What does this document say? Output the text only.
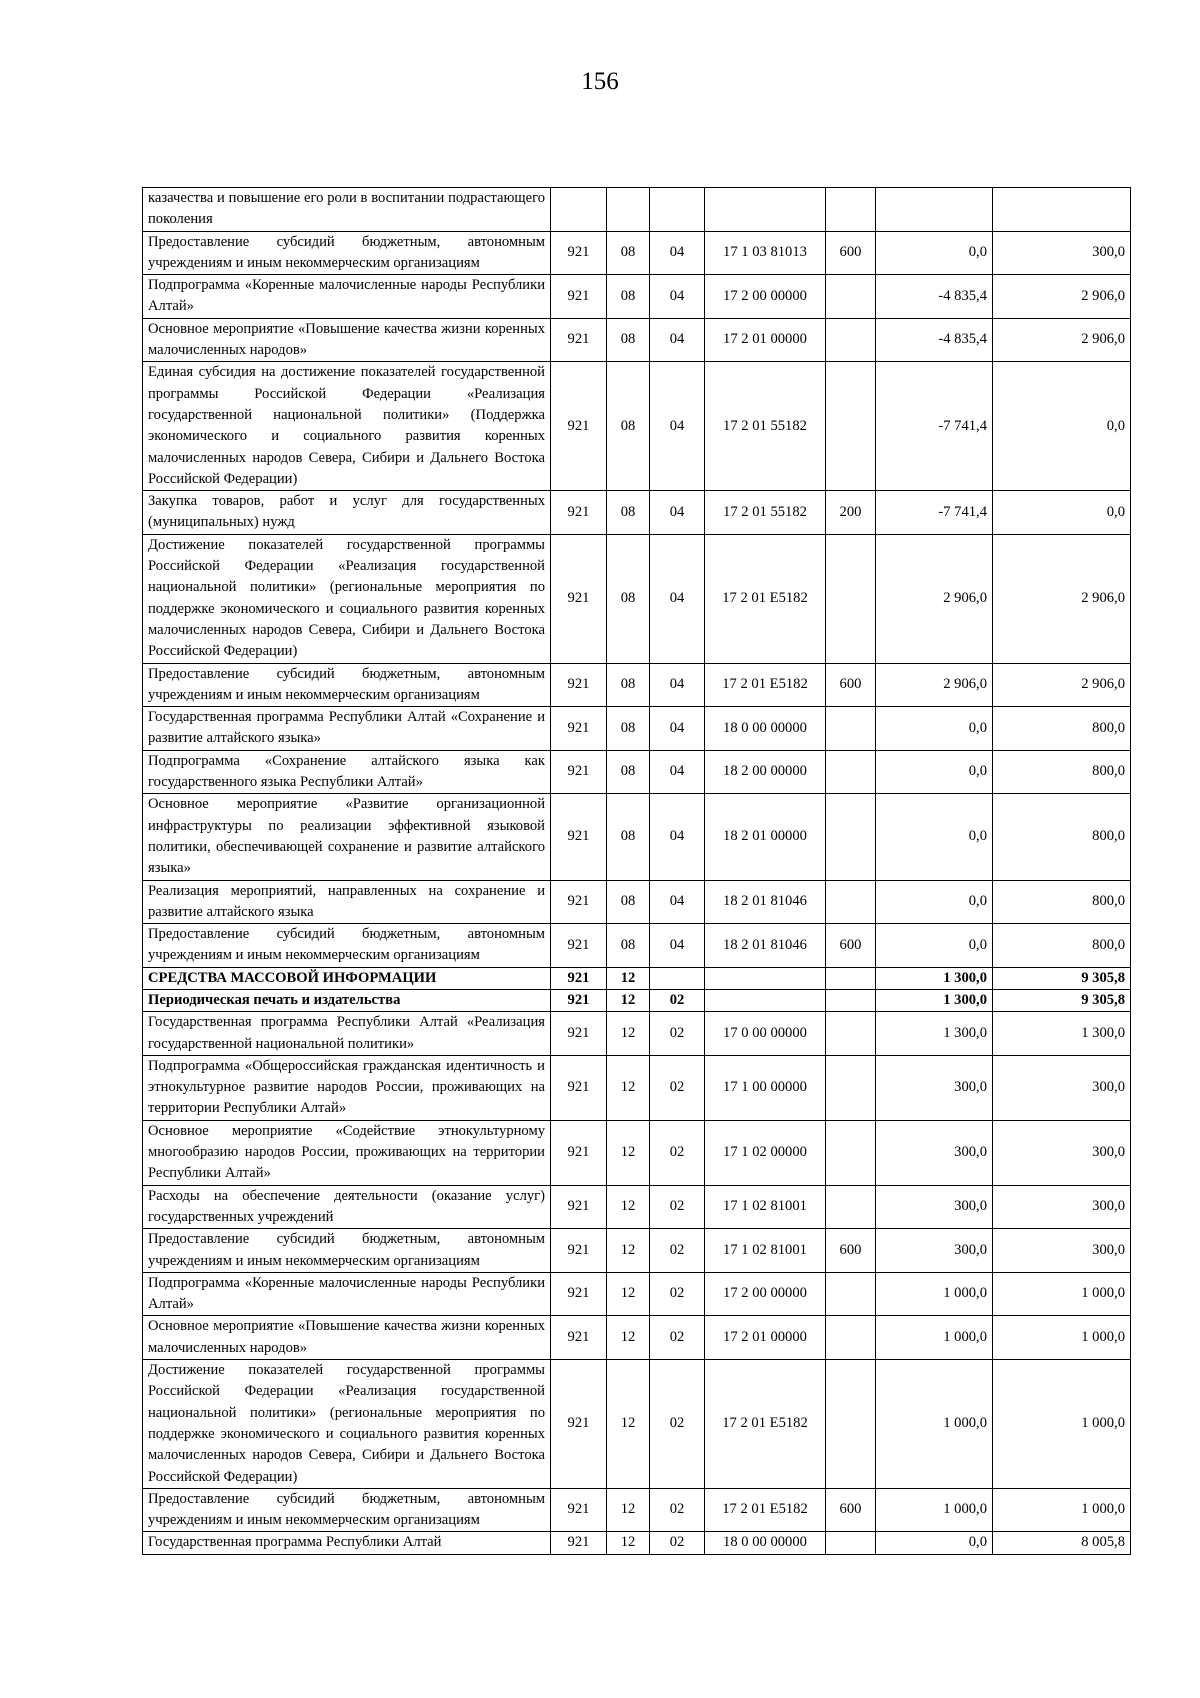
156
казачества и повышение его роли в воспитании подрастающего поколения							
Предоставление субсидий бюджетным, автономным учреждениям и иным некоммерческим организациям	921	08	04	17 1 03 81013	600	0,0	300,0
Подпрограмма «Коренные малочисленные народы Республики Алтай»	921	08	04	17 2 00 00000		-4 835,4	2 906,0
Основное мероприятие «Повышение качества жизни коренных малочисленных народов»	921	08	04	17 2 01 00000		-4 835,4	2 906,0
Единая субсидия на достижение показателей государственной программы Российской Федерации «Реализация государственной национальной политики» (Поддержка экономического и социального развития коренных малочисленных народов Севера, Сибири и Дальнего Востока Российской Федерации)	921	08	04	17 2 01 55182		-7 741,4	0,0
Закупка товаров, работ и услуг для государственных (муниципальных) нужд	921	08	04	17 2 01 55182	200	-7 741,4	0,0
Достижение показателей государственной программы Российской Федерации «Реализация государственной национальной политики» (региональные мероприятия по поддержке экономического и социального развития коренных малочисленных народов Севера, Сибири и Дальнего Востока Российской Федерации)	921	08	04	17 2 01 E5182		2 906,0	2 906,0
Предоставление субсидий бюджетным, автономным учреждениям и иным некоммерческим организациям	921	08	04	17 2 01 E5182	600	2 906,0	2 906,0
Государственная программа Республики Алтай «Сохранение и развитие алтайского языка»	921	08	04	18 0 00 00000		0,0	800,0
Подпрограмма «Сохранение алтайского языка как государственного языка Республики Алтай»	921	08	04	18 2 00 00000		0,0	800,0
Основное мероприятие «Развитие организационной инфраструктуры по реализации эффективной языковой политики, обеспечивающей сохранение и развитие алтайского языка»	921	08	04	18 2 01 00000		0,0	800,0
Реализация мероприятий, направленных на сохранение и развитие алтайского языка	921	08	04	18 2 01 81046		0,0	800,0
Предоставление субсидий бюджетным, автономным учреждениям и иным некоммерческим организациям	921	08	04	18 2 01 81046	600	0,0	800,0
СРЕДСТВА МАССОВОЙ ИНФОРМАЦИИ	921	12				1 300,0	9 305,8
Периодическая печать и издательства	921	12	02			1 300,0	9 305,8
Государственная программа Республики Алтай «Реализация государственной национальной политики»	921	12	02	17 0 00 00000		1 300,0	1 300,0
Подпрограмма «Общероссийская гражданская идентичность и этнокультурное развитие народов России, проживающих на территории Республики Алтай»	921	12	02	17 1 00 00000		300,0	300,0
Основное мероприятие «Содействие этнокультурному многообразию народов России, проживающих на территории Республики Алтай»	921	12	02	17 1 02 00000		300,0	300,0
Расходы на обеспечение деятельности (оказание услуг) государственных учреждений	921	12	02	17 1 02 81001		300,0	300,0
Предоставление субсидий бюджетным, автономным учреждениям и иным некоммерческим организациям	921	12	02	17 1 02 81001	600	300,0	300,0
Подпрограмма «Коренные малочисленные народы Республики Алтай»	921	12	02	17 2 00 00000		1 000,0	1 000,0
Основное мероприятие «Повышение качества жизни коренных малочисленных народов»	921	12	02	17 2 01 00000		1 000,0	1 000,0
Достижение показателей государственной программы Российской Федерации «Реализация государственной национальной политики» (региональные мероприятия по поддержке экономического и социального развития коренных малочисленных народов Севера, Сибири и Дальнего Востока Российской Федерации)	921	12	02	17 2 01 E5182		1 000,0	1 000,0
Предоставление субсидий бюджетным, автономным учреждениям и иным некоммерческим организациям	921	12	02	17 2 01 E5182	600	1 000,0	1 000,0
Государственная программа Республики Алтай	921	12	02	18 0 00 00000		0,0	8 005,8
